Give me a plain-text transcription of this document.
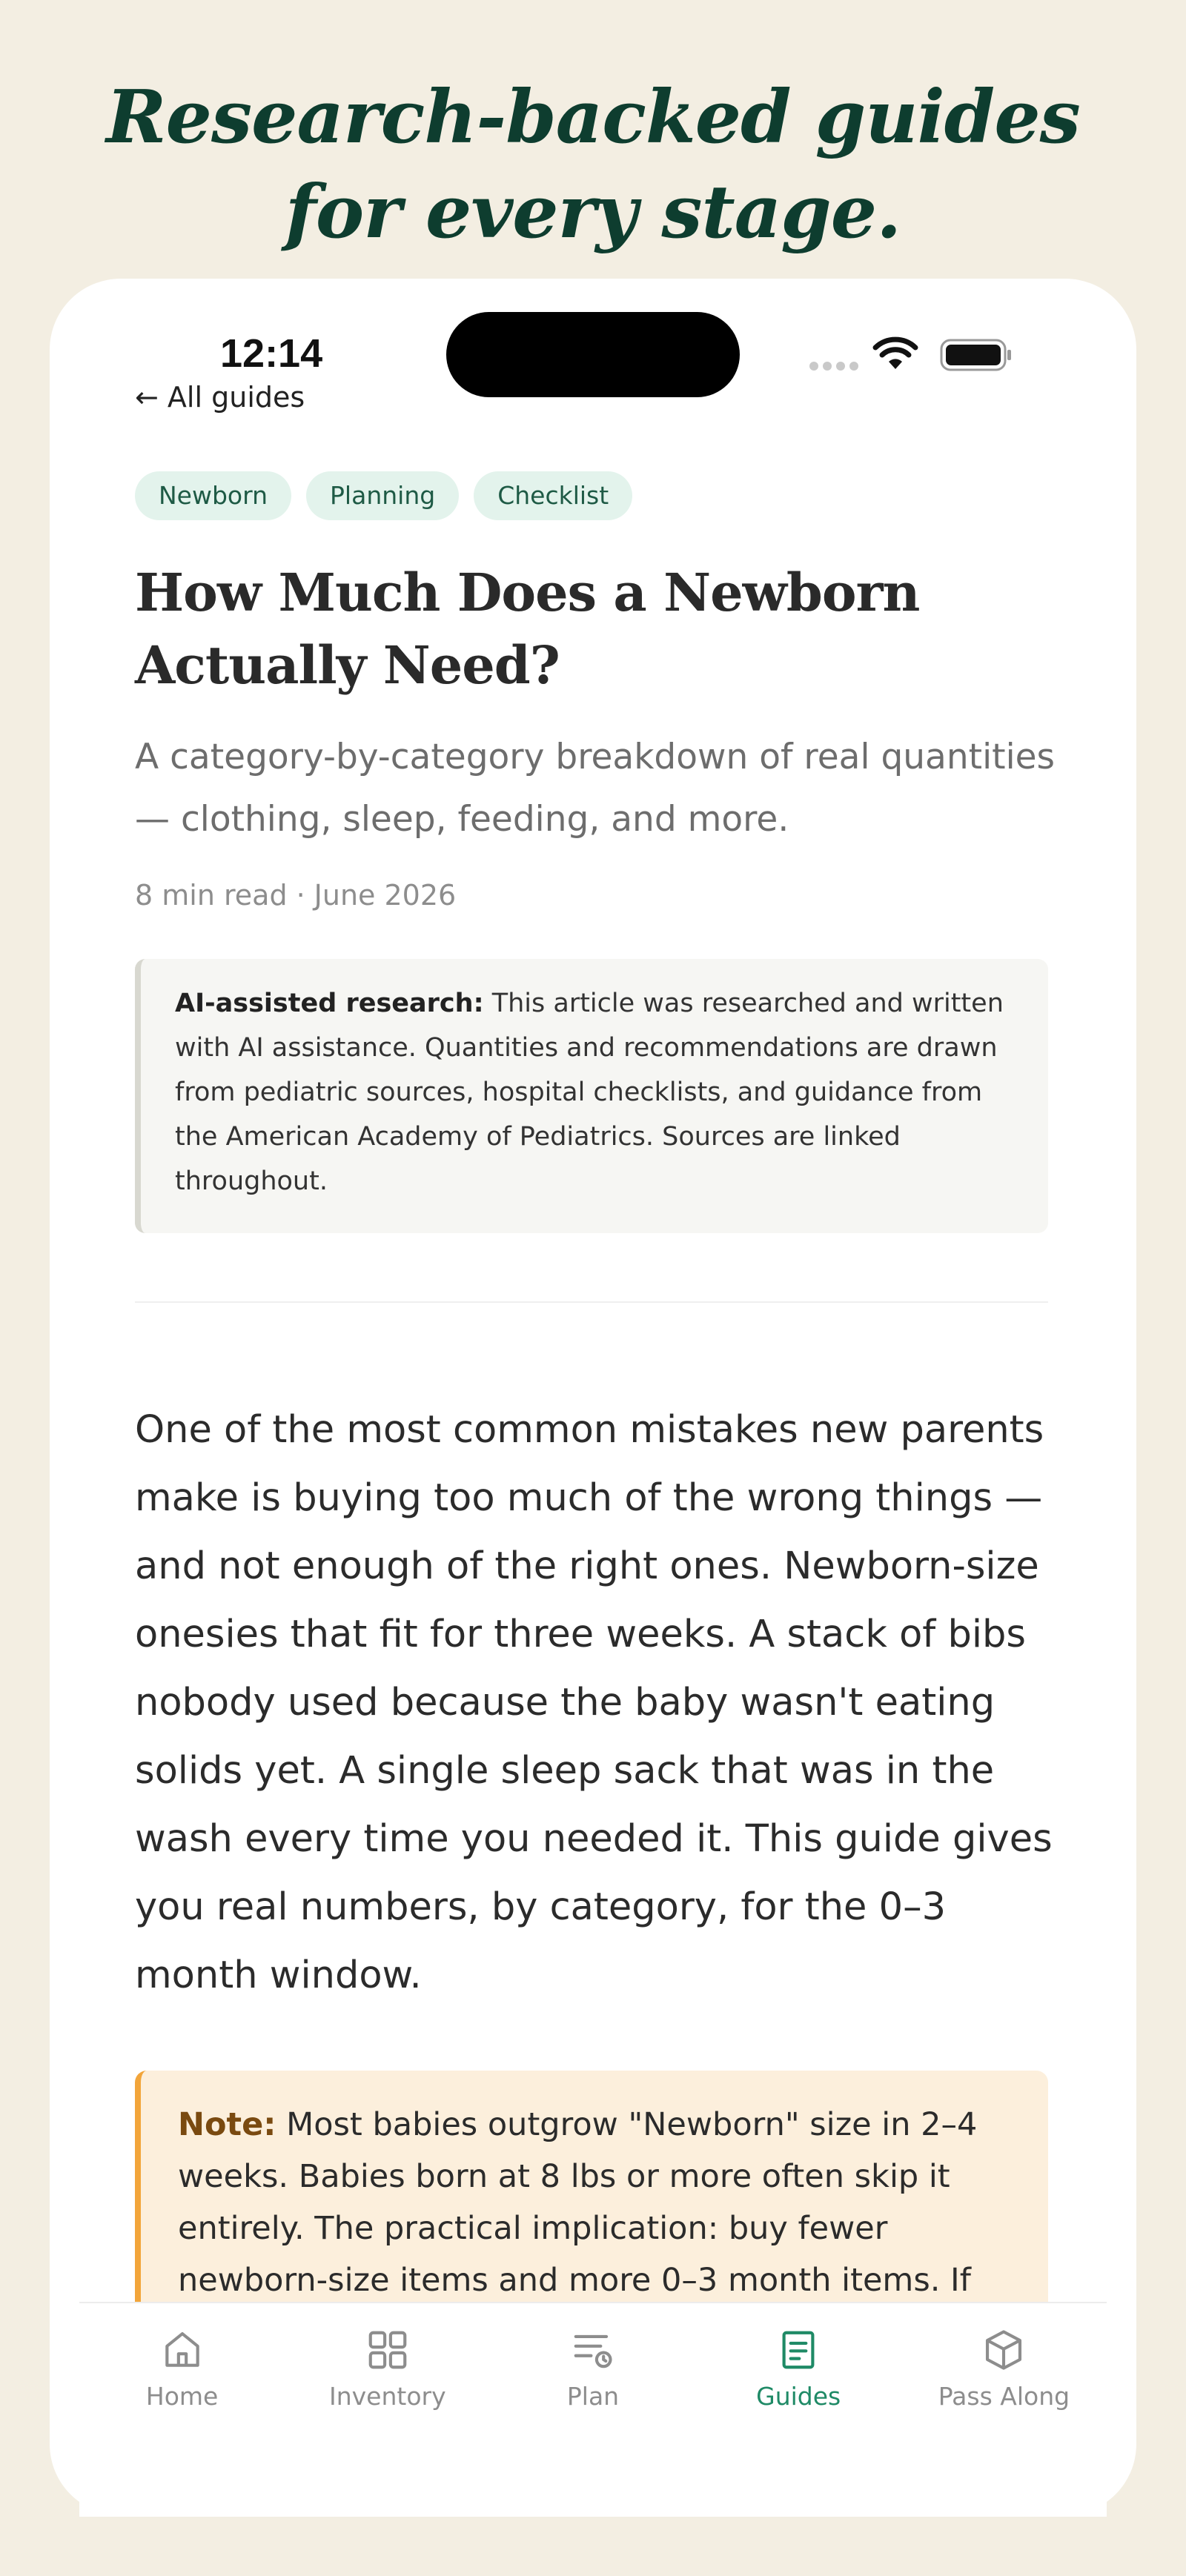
Research-backed guides
for every stage.
12:14
← All guides
Newborn	Planning	Checklist
How Much Does a Newborn Actually Need?
A category-by-category breakdown of real quantities — clothing, sleep, feeding, and more.
8 min read · June 2026
AI-assisted research: This article was researched and written with AI assistance. Quantities and recommendations are drawn from pediatric sources, hospital checklists, and guidance from the American Academy of Pediatrics. Sources are linked throughout.
One of the most common mistakes new parents make is buying too much of the wrong things — and not enough of the right ones. Newborn-size onesies that fit for three weeks. A stack of bibs nobody used because the baby wasn't eating solids yet. A single sleep sack that was in the wash every time you needed it. This guide gives you real numbers, by category, for the 0–3 month window.
Note: Most babies outgrow "Newborn" size in 2–4 weeks. Babies born at 8 lbs or more often skip it entirely. The practical implication: buy fewer newborn-size items and more 0–3 month items. If
Home	Inventory	Plan	Guides	Pass Along
